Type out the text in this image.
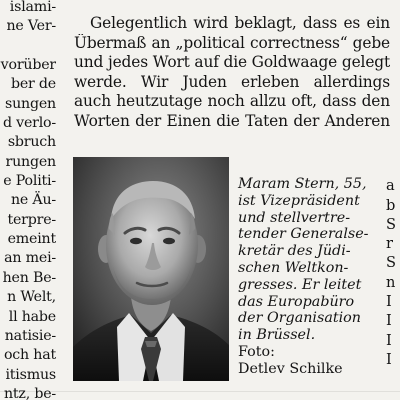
islami-
ne Ver-
vorüber
ber de
sungen
d verlo-
sbruch
rungen
e Politi-
ne Äu-
terpre-
emeint
an mei-
hen Be-
n Welt,
ll habe
natisie-
och hat
itismus
ntz, be-
Gelegentlich wird beklagt, dass es ein
Übermaß an „political correctness“ gebe
und jedes Wort auf die Goldwaage gelegt
werde. Wir Juden erleben allerdings
auch heutzutage noch allzu oft, dass den
Worten der Einen die Taten der Anderen
Maram Stern, 55,
ist Vizepräsident
und stellvertre-
tender Generalse-
kretär des Jüdi-
schen Weltkon-
gresses. Er leitet
das Europabüro
der Organisation
in Brüssel.
Foto:
Detlev Schilke
a
b
S
r
S
n
I
I
I
I
